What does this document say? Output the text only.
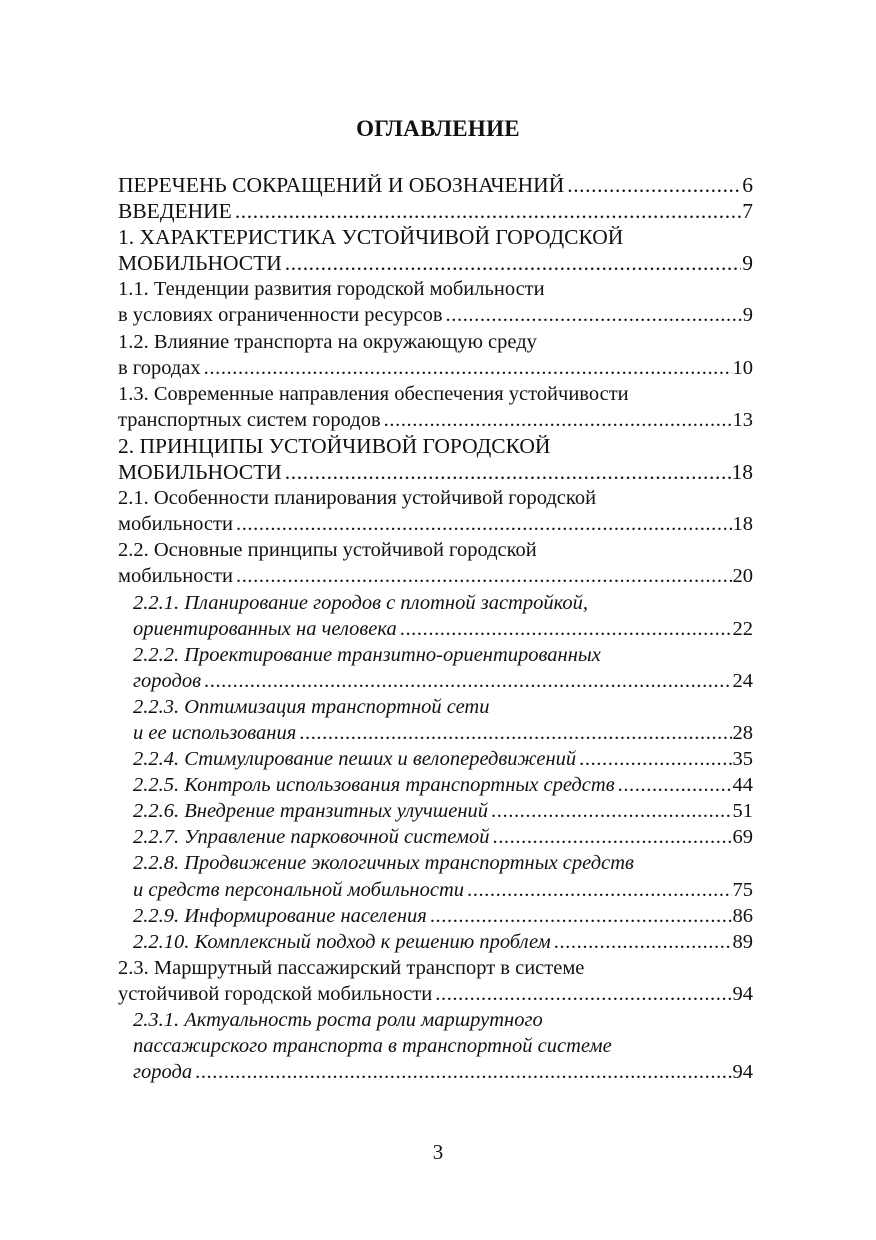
ОГЛАВЛЕНИЕ
ПЕРЕЧЕНЬ СОКРАЩЕНИЙ И ОБОЗНАЧЕНИЙ .....	6
ВВЕДЕНИЕ .....	7
1. ХАРАКТЕРИСТИКА УСТОЙЧИВОЙ ГОРОДСКОЙ
МОБИЛЬНОСТИ .....	9
1.1. Тенденции развития городской мобильности
в условиях ограниченности ресурсов .....	9
1.2. Влияние транспорта на окружающую среду
в городах .....	10
1.3. Современные направления обеспечения устойчивости
транспортных систем городов .....	13
2. ПРИНЦИПЫ УСТОЙЧИВОЙ ГОРОДСКОЙ
МОБИЛЬНОСТИ .....	18
2.1. Особенности планирования устойчивой городской
мобильности .....	18
2.2. Основные принципы устойчивой городской
мобильности .....	20
2.2.1. Планирование городов с плотной застройкой,
ориентированных на человека .....	22
2.2.2. Проектирование транзитно-ориентированных
городов .....	24
2.2.3. Оптимизация транспортной сети
и ее использования .....	28
2.2.4. Стимулирование пеших и велопередвижений .....	35
2.2.5. Контроль использования транспортных средств .....	44
2.2.6. Внедрение транзитных улучшений .....	51
2.2.7. Управление парковочной системой .....	69
2.2.8. Продвижение экологичных транспортных средств
и средств персональной мобильности .....	75
2.2.9. Информирование населения .....	86
2.2.10. Комплексный подход к решению проблем .....	89
2.3. Маршрутный пассажирский транспорт в системе
устойчивой городской мобильности .....	94
2.3.1. Актуальность роста роли маршрутного
пассажирского транспорта в транспортной системе
города .....	94
3
